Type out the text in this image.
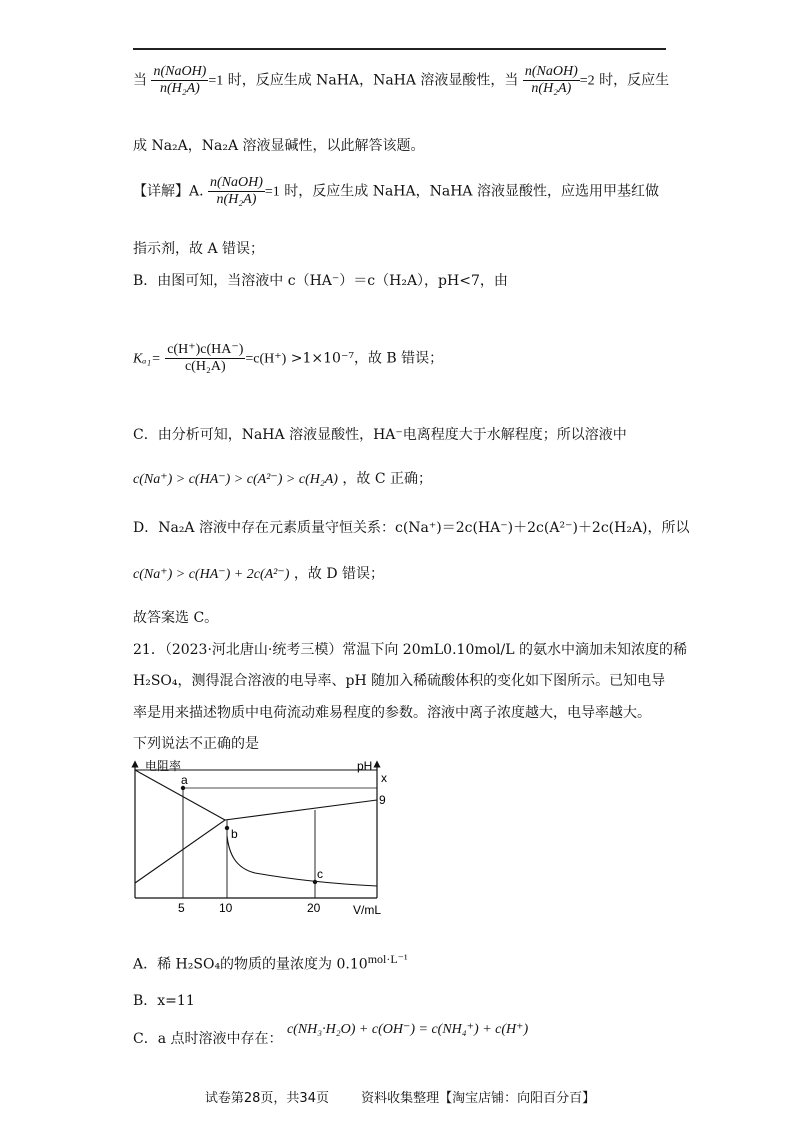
当 $\frac{\text{n(NaOH)}}{\text{n(H₂A)}} =1$ 时，反应生成 NaHA，NaHA 溶液显酸性，当 $\frac{\text{n(NaOH)}}{\text{n(H₂A)}} =2$ 时，反应生
成 Na₂A，Na₂A 溶液显碱性，以此解答该题。
【详解】A. $\frac{\text{n(NaOH)}}{\text{n(H₂A)}} =1$ 时，反应生成 NaHA，NaHA 溶液显酸性，应选用甲基红做
指示剂，故 A 错误；
B．由图可知，当溶液中 c（HA⁻）＝c（H₂A），pH<7，由
$K_{a1}= \frac{c(H^+)c(HA^-)}{\text{c(H₂A)}} =c(H^+) >1\times 10^{-7}$，故 B 错误；
C．由分析可知，NaHA 溶液显酸性，HA⁻电离程度大于水解程度；所以溶液中
c(Na⁺) > c(HA⁻) > c(A²⁻) > c(H₂A) ，故 C 正确；
D．Na₂A 溶液中存在元素质量守恒关系：c(Na⁺)＝2c(HA⁻)＋2c(A²⁻)＋2c(H₂A)，所以
c(Na⁺) > c(HA⁻) + 2c(A²⁻) ，故 D 错误；
故答案选 C。
21．（2023·河北唐山·统考三模）常温下向 20mL0.10mol/L 的氨水中滴加未知浓度的稀
H₂SO₄，测得混合溶液的电导率、pH 随加入稀硫酸体积的变化如下图所示。已知电导
率是用来描述物质中电荷流动难易程度的参数。溶液中离子浓度越大，电导率越大。
下列说法不正确的是
电阻率	pH
x
9
a
b
c
5	10	20	V/mL
A．稀 H₂SO₄的物质的量浓度为 $0.10^{mol\cdot L^{-1}}$
B．x=11
C．a 点时溶液中存在： c(NH₃·H₂O) + c(OH⁻) = c(NH₄⁺) + c(H⁺)
试卷第28页，共34页 资料收集整理【淘宝店铺：向阳百分百】
